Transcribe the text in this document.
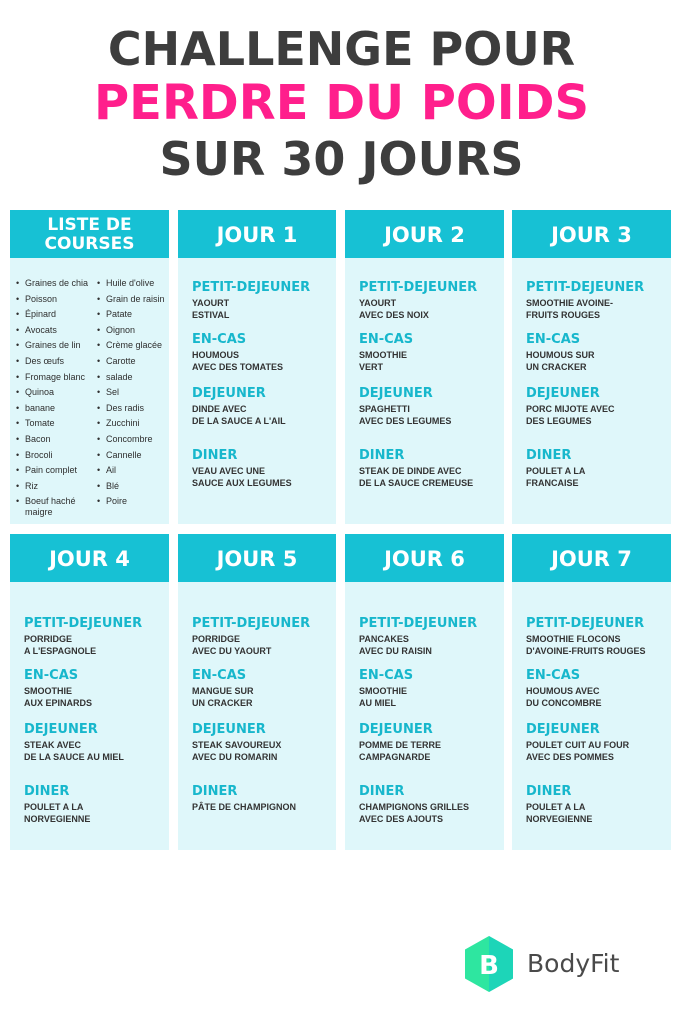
CHALLENGE POUR
PERDRE DU POIDS
SUR 30 JOURS
LISTE DE
COURSES
• Graines de chia
• Poisson
• Épinard
• Avocats
• Graines de lin
• Des œufs
• Fromage blanc
• Quinoa
• banane
• Tomate
• Bacon
• Brocoli
• Pain complet
• Riz
• Boeuf haché
maigre
• Huile d'olive
• Grain de raisin
• Patate
• Oignon
• Crème glacée
• Carotte
• salade
• Sel
• Des radis
• Zucchini
• Concombre
• Cannelle
• Ail
• Blé
• Poire
JOUR 1
PETIT-DEJEUNER
YAOURT
ESTIVAL
EN-CAS
HOUMOUS
AVEC DES TOMATES
DEJEUNER
DINDE AVEC
DE LA SAUCE A L'AIL
DINER
VEAU AVEC UNE
SAUCE AUX LEGUMES
JOUR 2
PETIT-DEJEUNER
YAOURT
AVEC DES NOIX
EN-CAS
SMOOTHIE
VERT
DEJEUNER
SPAGHETTI
AVEC DES LEGUMES
DINER
STEAK DE DINDE AVEC
DE LA SAUCE CREMEUSE
JOUR 3
PETIT-DEJEUNER
SMOOTHIE AVOINE-
FRUITS ROUGES
EN-CAS
HOUMOUS SUR
UN CRACKER
DEJEUNER
PORC MIJOTE AVEC
DES LEGUMES
DINER
POULET A LA
FRANCAISE
JOUR 4
PETIT-DEJEUNER
PORRIDGE
A L'ESPAGNOLE
EN-CAS
SMOOTHIE
AUX EPINARDS
DEJEUNER
STEAK AVEC
DE LA SAUCE AU MIEL
DINER
POULET A LA
NORVEGIENNE
JOUR 5
PETIT-DEJEUNER
PORRIDGE
AVEC DU YAOURT
EN-CAS
MANGUE SUR
UN CRACKER
DEJEUNER
STEAK SAVOUREUX
AVEC DU ROMARIN
DINER
PÂTE DE CHAMPIGNON
JOUR 6
PETIT-DEJEUNER
PANCAKES
AVEC DU RAISIN
EN-CAS
SMOOTHIE
AU MIEL
DEJEUNER
POMME DE TERRE
CAMPAGNARDE
DINER
CHAMPIGNONS GRILLES
AVEC DES AJOUTS
JOUR 7
PETIT-DEJEUNER
SMOOTHIE FLOCONS
D'AVOINE-FRUITS ROUGES
EN-CAS
HOUMOUS AVEC
DU CONCOMBRE
DEJEUNER
POULET CUIT AU FOUR
AVEC DES POMMES
DINER
POULET A LA
NORVEGIENNE
B BodyFit
